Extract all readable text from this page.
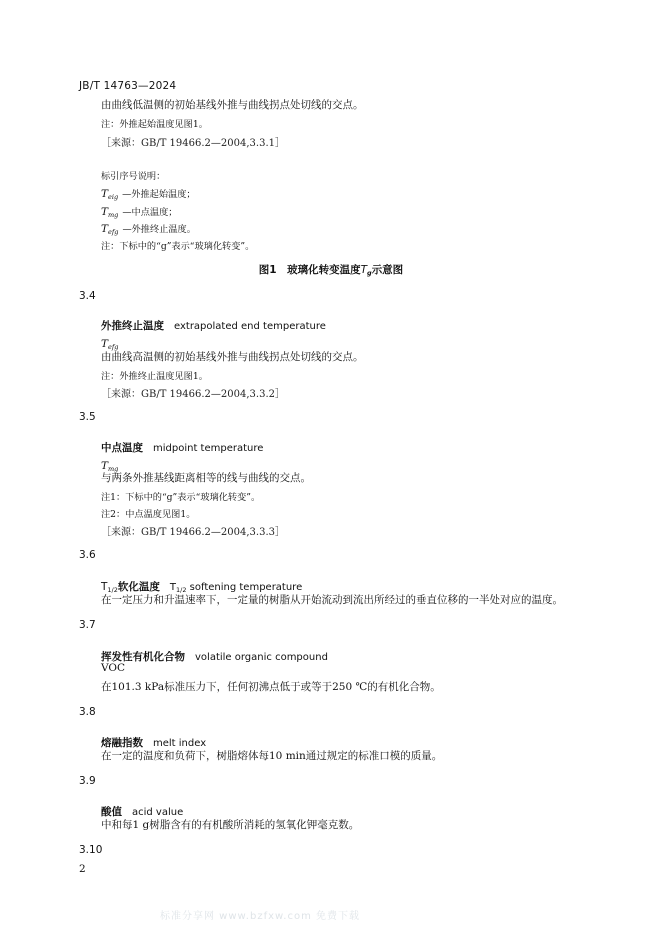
JB/T 14763—2024
由曲线低温侧的初始基线外推与曲线拐点处切线的交点。
注：外推起始温度见图1。
［来源：GB/T 19466.2—2004,3.3.1］
标引序号说明：
$T_{eig}$ —外推起始温度；
$T_{mg}$ —中点温度；
$T_{efg}$ —外推终止温度。
注：下标中的“g”表示“玻璃化转变”。
图1　玻璃化转变温度$T_g$示意图
3.4
外推终止温度 extrapolated end temperature
$T_{efg}$
由曲线高温侧的初始基线外推与曲线拐点处切线的交点。
注：外推终止温度见图1。
［来源：GB/T 19466.2—2004,3.3.2］
3.5
中点温度 midpoint temperature
$T_{mg}$
与两条外推基线距离相等的线与曲线的交点。
注1：下标中的“g”表示“玻璃化转变”。
注2：中点温度见图1。
［来源：GB/T 19466.2—2004,3.3.3］
3.6
T1/2软化温度 T1/2 softening temperature
在一定压力和升温速率下，一定量的树脂从开始流动到流出所经过的垂直位移的一半处对应的温度。
3.7
挥发性有机化合物 volatile organic compound
VOC
在101.3 kPa标准压力下，任何初沸点低于或等于250 ℃的有机化合物。
3.8
熔融指数 melt index
在一定的温度和负荷下，树脂熔体每10 min通过规定的标准口模的质量。
3.9
酸值 acid value
中和每1 g树脂含有的有机酸所消耗的氢氧化钾毫克数。
3.10
2
标准分享网 www.bzfxw.com 免费下载
